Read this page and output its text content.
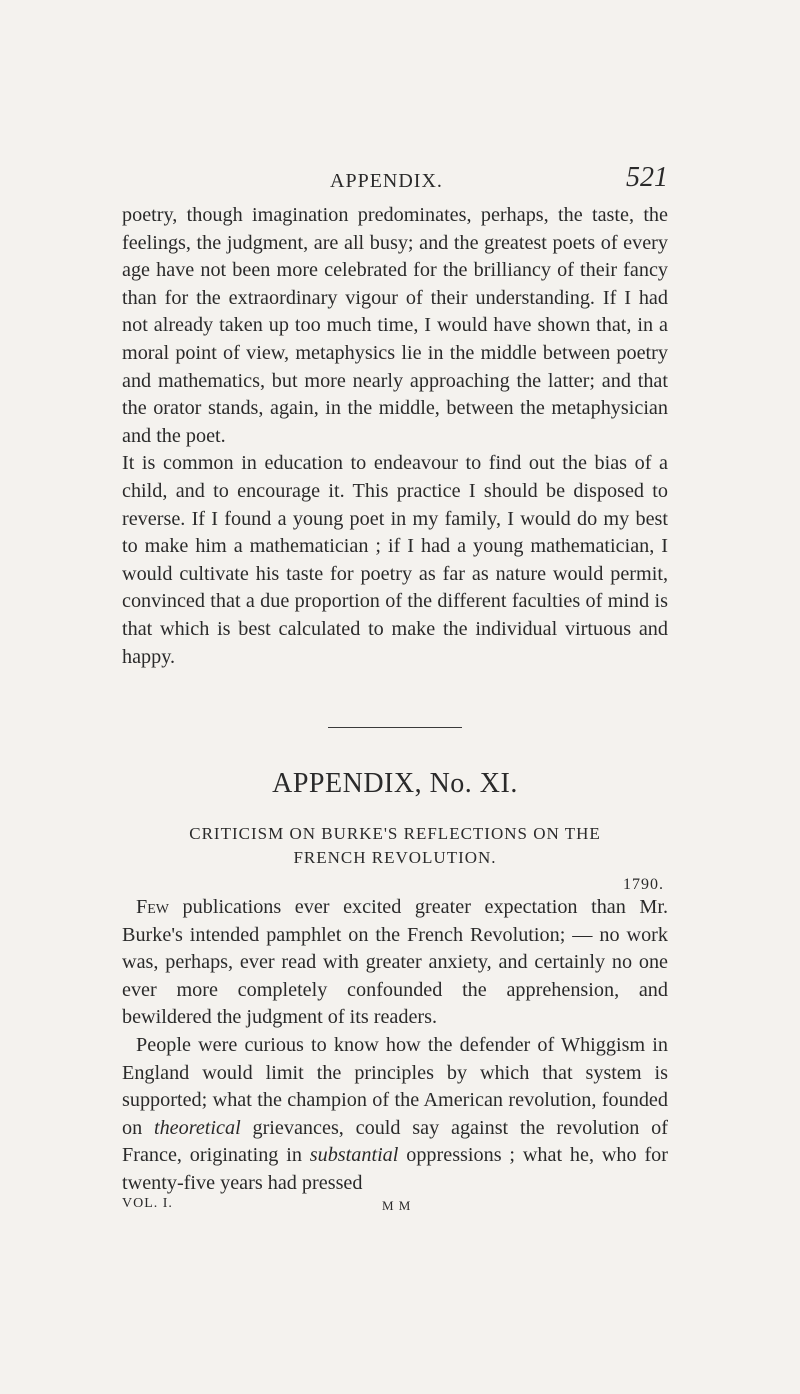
APPENDIX.	521

poetry, though imagination predominates, perhaps, the taste, the feelings, the judgment, are all busy; and the greatest poets of every age have not been more celebrated for the brilliancy of their fancy than for the extraordinary vigour of their understanding. If I had not already taken up too much time, I would have shown that, in a moral point of view, metaphysics lie in the middle between poetry and mathematics, but more nearly approaching the latter; and that the orator stands, again, in the middle, between the metaphysician and the poet.

It is common in education to endeavour to find out the bias of a child, and to encourage it. This practice I should be disposed to reverse. If I found a young poet in my family, I would do my best to make him a mathematician ; if I had a young mathematician, I would cultivate his taste for poetry as far as nature would permit, convinced that a due proportion of the different faculties of mind is that which is best calculated to make the individual virtuous and happy.

APPENDIX, No. XI.
CRITICISM ON BURKE'S REFLECTIONS ON THE
FRENCH REVOLUTION.
1790.

Few publications ever excited greater expectation than Mr. Burke's intended pamphlet on the French Revolution; — no work was, perhaps, ever read with greater anxiety, and certainly no one ever more completely confounded the apprehension, and bewildered the judgment of its readers.

People were curious to know how the defender of Whiggism in England would limit the principles by which that system is supported; what the champion of the American revolution, founded on theoretical grievances, could say against the revolution of France, originating in substantial oppressions ; what he, who for twenty-five years had pressed

VOL. I.	M M
